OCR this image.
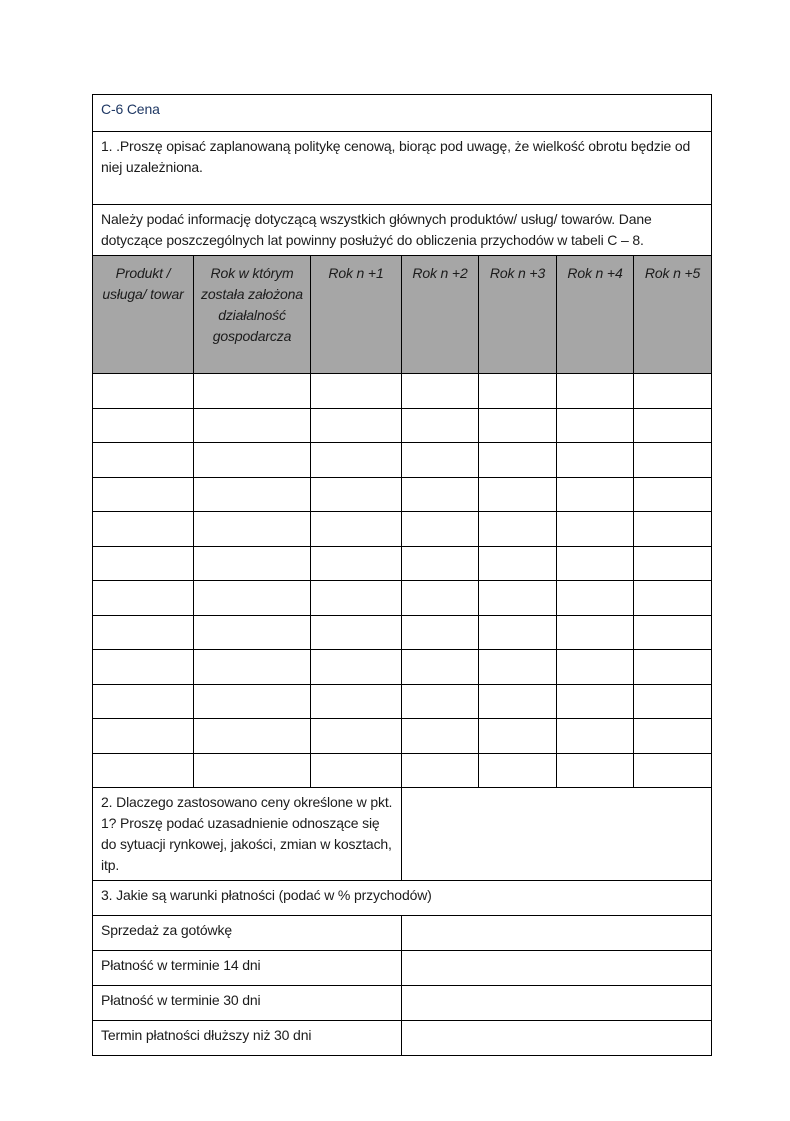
C-6 Cena						
1. .Proszę opisać zaplanowaną politykę cenową, biorąc pod uwagę, że wielkość obrotu będzie od niej uzależniona.						
Należy podać informację dotyczącą wszystkich głównych produktów/ usług/ towarów. Dane dotyczące poszczególnych lat powinny posłużyć do obliczenia przychodów w tabeli C – 8.						
Produkt / usługa/ towar	Rok w którym została założona działalność gospodarcza	Rok n +1	Rok n +2	Rok n +3	Rok n +4	Rok n +5

2. Dlaczego zastosowano ceny określone w pkt. 1? Proszę podać uzasadnienie odnoszące się do sytuacji rynkowej, jakości, zmian w kosztach, itp.						
3. Jakie są warunki płatności (podać w % przychodów)						
Sprzedaż za gotówkę						
Płatność w terminie 14 dni						
Płatność w terminie 30 dni						
Termin płatności dłuższy niż 30 dni						
